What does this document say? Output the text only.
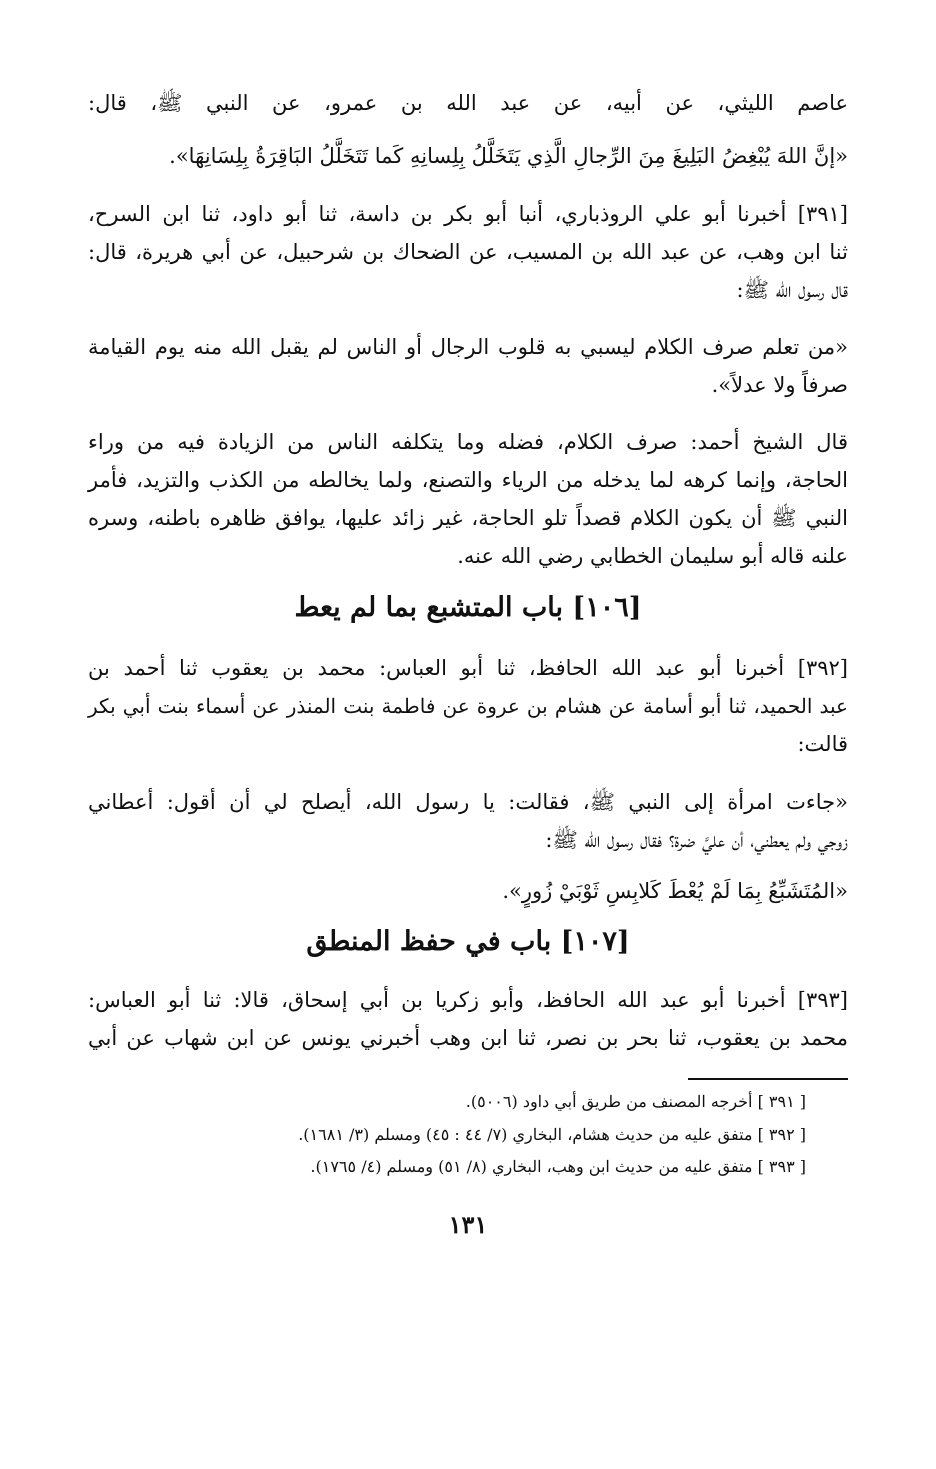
عاصم الليثي، عن أبيه، عن عبد الله بن عمرو، عن النبي ﷺ، قال:
«إنَّ اللهَ يُبْغِضُ البَلِيغَ مِنَ الرِّجالِ الَّذِي يَتَخَلَّلُ بِلِسانِهِ كَما تَتَخَلَّلُ البَاقِرَةُ بِلِسَانِهَا».
[٣٩١] أخبرنا أبو علي الروذباري، أنبا أبو بكر بن داسة، ثنا أبو داود، ثنا ابن السرح،
ثنا ابن وهب، عن عبد الله بن المسيب، عن الضحاك بن شرحبيل، عن أبي هريرة، قال:
قال رسول الله ﷺ:
«من تعلم صرف الكلام ليسبي به قلوب الرجال أو الناس لم يقبل الله منه يوم القيامة
صرفاً ولا عدلاً».
قال الشيخ أحمد: صرف الكلام، فضله وما يتكلفه الناس من الزيادة فيه من وراء
الحاجة، وإنما كرهه لما يدخله من الرياء والتصنع، ولما يخالطه من الكذب والتزيد، فأمر
النبي ﷺ أن يكون الكلام قصداً تلو الحاجة، غير زائد عليها، يوافق ظاهره باطنه، وسره
علنه قاله أبو سليمان الخطابي رضي الله عنه.
[١٠٦] باب المتشبع بما لم يعط
[٣٩٢] أخبرنا أبو عبد الله الحافظ، ثنا أبو العباس: محمد بن يعقوب ثنا أحمد بن
عبد الحميد، ثنا أبو أسامة عن هشام بن عروة عن فاطمة بنت المنذر عن أسماء بنت أبي بكر
قالت:
«جاءت امرأة إلى النبي ﷺ، فقالت: يا رسول الله، أيصلح لي أن أقول: أعطاني
زوجي ولم يعطني، أن عليَّ ضرة؟ فقال رسول الله ﷺ:
«المُتَشَبِّعُ بِمَا لَمْ يُعْطَ كَلابِسِ ثَوْبَيْ زُورٍ».
[١٠٧] باب في حفظ المنطق
[٣٩٣] أخبرنا أبو عبد الله الحافظ، وأبو زكريا بن أبي إسحاق، قالا: ثنا أبو العباس:
محمد بن يعقوب، ثنا بحر بن نصر، ثنا ابن وهب أخبرني يونس عن ابن شهاب عن أبي
[ ٣٩١ ] أخرجه المصنف من طريق أبي داود (٥٠٠٦).
[ ٣٩٢ ] متفق عليه من حديث هشام، البخاري (٧/ ٤٤ : ٤٥) ومسلم (٣/ ١٦٨١).
[ ٣٩٣ ] متفق عليه من حديث ابن وهب، البخاري (٨/ ٥١) ومسلم (٤/ ١٧٦٥).
١٣١
